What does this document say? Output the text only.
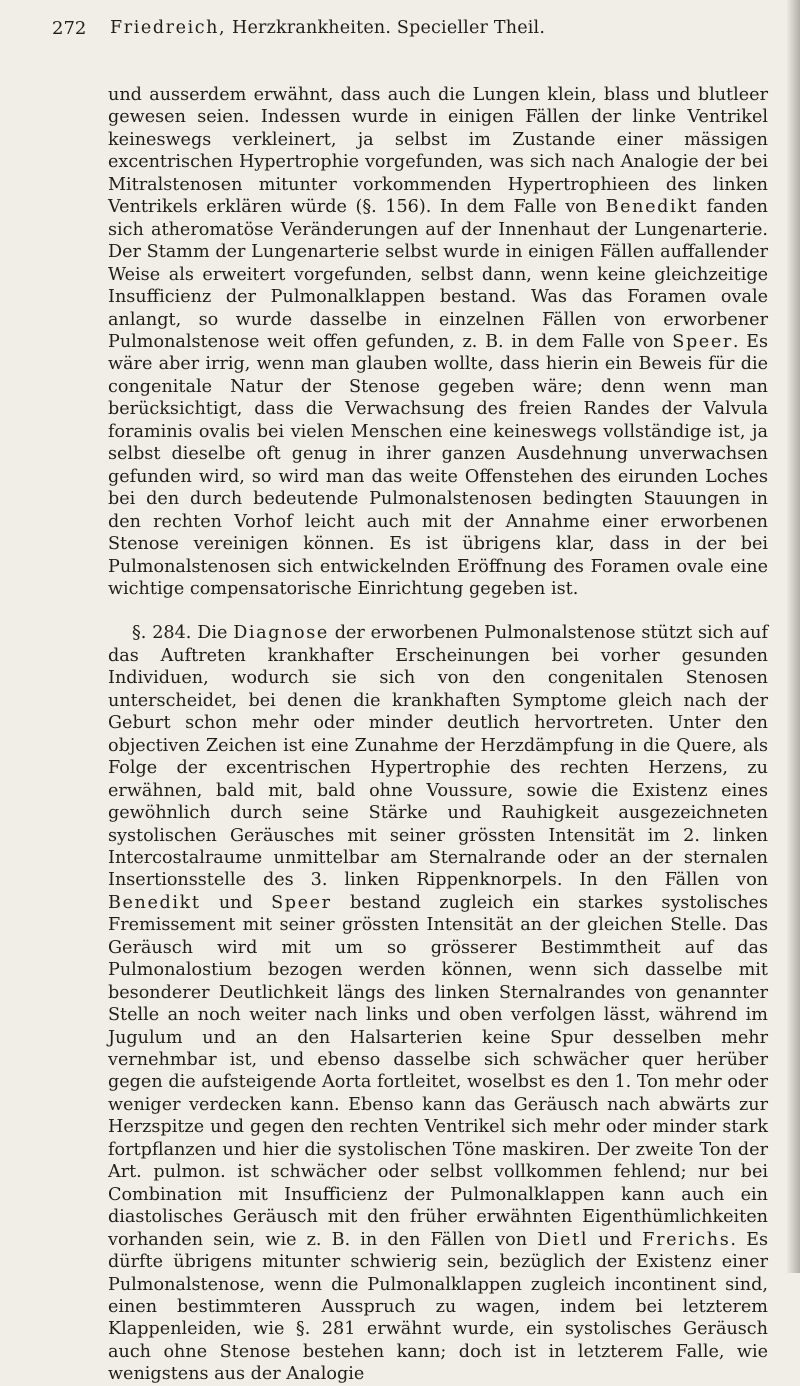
272 Friedreich, Herzkrankheiten. Specieller Theil.

und ausserdem erwähnt, dass auch die Lungen klein, blass und blutleer gewesen seien. Indessen wurde in einigen Fällen der linke Ventrikel keineswegs verkleinert, ja selbst im Zustande einer mässigen excentrischen Hypertrophie vorgefunden, was sich nach Analogie der bei Mitralstenosen mitunter vorkommenden Hypertrophieen des linken Ventrikels erklären würde (§. 156). In dem Falle von Benedikt fanden sich atheromatöse Veränderungen auf der Innenhaut der Lungenarterie. Der Stamm der Lungenarterie selbst wurde in einigen Fällen auffallender Weise als erweitert vorgefunden, selbst dann, wenn keine gleichzeitige Insufficienz der Pulmonalklappen bestand. Was das Foramen ovale anlangt, so wurde dasselbe in einzelnen Fällen von erworbener Pulmonalstenose weit offen gefunden, z. B. in dem Falle von Speer. Es wäre aber irrig, wenn man glauben wollte, dass hierin ein Beweis für die congenitale Natur der Stenose gegeben wäre; denn wenn man berücksichtigt, dass die Verwachsung des freien Randes der Valvula foraminis ovalis bei vielen Menschen eine keineswegs vollständige ist, ja selbst dieselbe oft genug in ihrer ganzen Ausdehnung unverwachsen gefunden wird, so wird man das weite Offenstehen des eirunden Loches bei den durch bedeutende Pulmonalstenosen bedingten Stauungen in den rechten Vorhof leicht auch mit der Annahme einer erworbenen Stenose vereinigen können. Es ist übrigens klar, dass in der bei Pulmonalstenosen sich entwickelnden Eröffnung des Foramen ovale eine wichtige compensatorische Einrichtung gegeben ist.

§. 284. Die Diagnose der erworbenen Pulmonalstenose stützt sich auf das Auftreten krankhafter Erscheinungen bei vorher gesunden Individuen, wodurch sie sich von den congenitalen Stenosen unterscheidet, bei denen die krankhaften Symptome gleich nach der Geburt schon mehr oder minder deutlich hervortreten. Unter den objectiven Zeichen ist eine Zunahme der Herzdämpfung in die Quere, als Folge der excentrischen Hypertrophie des rechten Herzens, zu erwähnen, bald mit, bald ohne Voussure, sowie die Existenz eines gewöhnlich durch seine Stärke und Rauhigkeit ausgezeichneten systolischen Geräusches mit seiner grössten Intensität im 2. linken Intercostalraume unmittelbar am Sternalrande oder an der sternalen Insertionsstelle des 3. linken Rippenknorpels. In den Fällen von Benedikt und Speer bestand zugleich ein starkes systolisches Fremissement mit seiner grössten Intensität an der gleichen Stelle. Das Geräusch wird mit um so grösserer Bestimmtheit auf das Pulmonalostium bezogen werden können, wenn sich dasselbe mit besonderer Deutlichkeit längs des linken Sternalrandes von genannter Stelle an noch weiter nach links und oben verfolgen lässt, während im Jugulum und an den Halsarterien keine Spur desselben mehr vernehmbar ist, und ebenso dasselbe sich schwächer quer herüber gegen die aufsteigende Aorta fortleitet, woselbst es den 1. Ton mehr oder weniger verdecken kann. Ebenso kann das Geräusch nach abwärts zur Herzspitze und gegen den rechten Ventrikel sich mehr oder minder stark fortpflanzen und hier die systolischen Töne maskiren. Der zweite Ton der Art. pulmon. ist schwächer oder selbst vollkommen fehlend; nur bei Combination mit Insufficienz der Pulmonalklappen kann auch ein diastolisches Geräusch mit den früher erwähnten Eigenthümlichkeiten vorhanden sein, wie z. B. in den Fällen von Dietl und Frerichs. Es dürfte übrigens mitunter schwierig sein, bezüglich der Existenz einer Pulmonalstenose, wenn die Pulmonalklappen zugleich incontinent sind, einen bestimmteren Ausspruch zu wagen, indem bei letzterem Klappenleiden, wie §. 281 erwähnt wurde, ein systolisches Geräusch auch ohne Stenose bestehen kann; doch ist in letzterem Falle, wie wenigstens aus der Analogie
